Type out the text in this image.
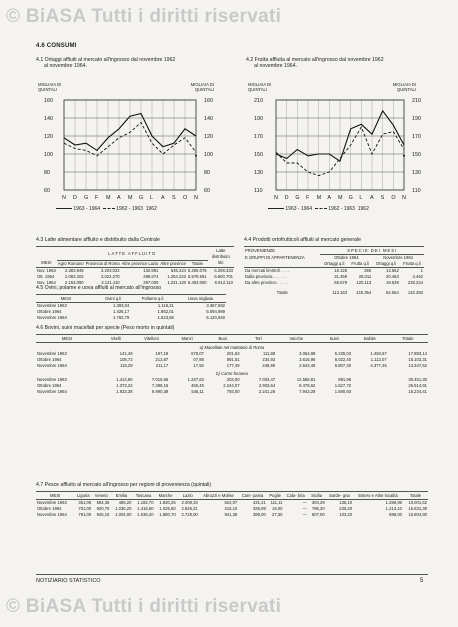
© BiASA Tutti i diritti riservati
© BiASA Tutti i diritti riservati
4.6 CONSUMI
4.1 Ortaggi affluiti al mercato all'ingrosso dal novembre 1962
al novembre 1964.
4.2 Frutta affluita al mercato all'ingrosso dal novembre 1962
al novembre 1964.
60	60
80	80
100	100
120	120
140	140
160	160
N D G F M A M G L A S O N
110	110
130	130
150	150
170	170
190	190
210	210
N D G F M A M G L A S O N
MIGLIAIA DI QUINTALI
MIGLIAIA DI QUINTALI
MIGLIAIA DI QUINTALI
MIGLIAIA DI QUINTALI
1963 - 1964	1962 - 1963 1962	1963 - 1964	1962 - 1963 1962
4.3 Latte alimentare affluito e distribuito dalla Centrale
	LATTE AFFLUITO					Latte distribuito
MESI	Agro Romano	Provincia di Roma	Altre province Lazio	Altre province	Totale	litri
Nov. 1963	2.383.949	3.203.022	132.881	545.224	6.265.076	6.208.333
Ott. 1964	2.063.202	3.022.270	298.874	1.254.223	6.578.591	6.600.701
Nov. 1964	2.153.090	3.121.110	297.000	1.231.120	6.403.000	6.912.110
4.4 Prodotti ortofrutticoli affluiti al mercato generale
PROVENIENZE	SPECIE DEI MESI			
E GRUPPI DI APPARTENENZA	Ottobre 1964		Novembre 1964	
	Ortaggi q.li	Frutta q.li	Ortaggi q.li	Frutta q.li
Da mercati limitrofi . . . .	16.125	250	14.552	1
Dalla provincia . . . . . .	31.459	25.011	20.463	4.462
Da altre province . . . . .	65.579	120.113	19.539	228.224
Totale	113.163	145.354	54.554	142.393
4.5 Ovini, polame e uova affluiti al mercato all'ingrosso
MESI	Ovini q.li	Pollame q.li	Uova migliaia
Novembre 1963	1.393,04	1.116,21	3.367,682
Ottobre 1964	1.426,17	1.862,01	5.094,989
Novembre 1964	1.762,79	1.523,56	5.120,840
4.6 Bovini, suini macellati per specie (Peso morto in quintali)
MESI	Vitelli	Vitelloni	Manzi	Buoi	Tori	Vacche	Suini	Bufale	Totale
a) Macellate nel mattatoio di Roma									
Novembre 1963	141,49	197,19	678,07	201,63	111,88	3.064,98	5.235,03	1.493,67	17.883,14
Ottobre 1964	105,72	213,87	07,88	891,51	234,92	3.616,96	6.022,40	1.113,07	15.103,31
Novembre 1964	118,29	211,17	17,92	177,49	248,99	2.643,46	5.807,30	4.377,45	13.347,52
b) Carne foranea									
Novembre 1963	1.414,90	7.016,65	1.237,63	203,00	7.003,47	12.588,81	891,96		30.451,30
Ottobre 1964	1.373,22	7.396,16	455,49	2.244,07	2.903,64	8.478,62	1.627,70		26.514,91
Novembre 1964	1.933,38	6.990,39	545,11	793,00	2.241,26	7.943,29	1.590,93		16.234,41
4.7 Pesce affluito al mercato all'ingrosso per regioni di provenienza (quintali)
MESI	Liguria	Veneto	Emilia	Toscana	Marche	Lazio	Abruzzi e Molise	Cam- pania	Puglie	Cala- bria	Sicilia	Sarde- gna	Estero e Altre località	Totale
Novembre 1963	351,06	594,36	485,20	1.182,70	1.830,25	2.409,33	624,07	431,21	111,11	—	304,29	136,10	1.286,96	10.001,62
Ottobre 1964	701,00	920,70	1.036,20	1.416,60	1.025,60	2.926,21	215,10	335,99	19,00	—	785,20	235,20	1.213,10	15.631,39
Novembre 1964	791,00	945,10	1.004,00	1.036,20	1.880,70	2.728,00	941,36	399,00	27,30	—	507,00	103,20	886,00	15.804,80
NOTIZIARIO STATISTICO	5
